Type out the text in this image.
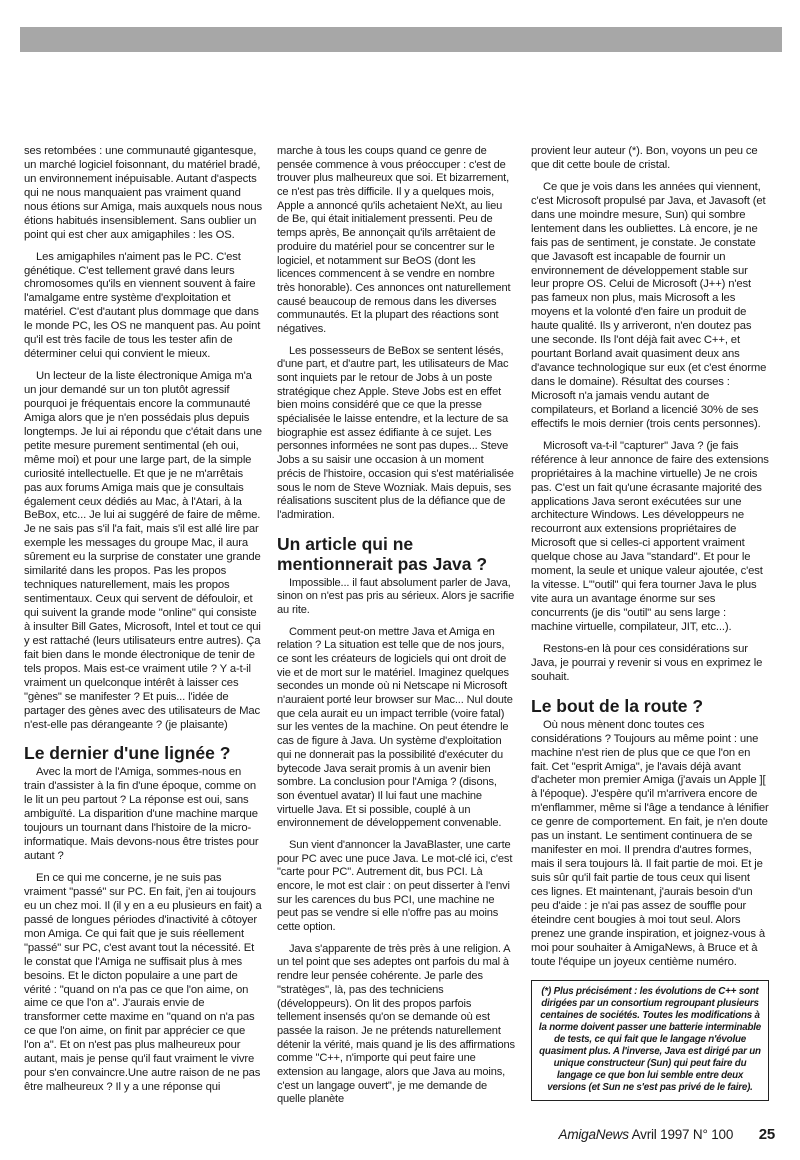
ses retombées : une communauté gigantesque, un marché logiciel foisonnant, du matériel bradé, un environnement inépuisable. Autant d'aspects qui ne nous manquaient pas vraiment quand nous étions sur Amiga, mais auxquels nous nous étions habitués insensiblement. Sans oublier un point qui est cher aux amigaphiles : les OS.

Les amigaphiles n'aiment pas le PC. C'est génétique. C'est tellement gravé dans leurs chromosomes qu'ils en viennent souvent à faire l'amalgame entre système d'exploitation et matériel. C'est d'autant plus dommage que dans le monde PC, les OS ne manquent pas. Au point qu'il est très facile de tous les tester afin de déterminer celui qui convient le mieux.

Un lecteur de la liste électronique Amiga m'a un jour demandé sur un ton plutôt agressif pourquoi je fréquentais encore la communauté Amiga alors que je n'en possédais plus depuis longtemps. Je lui ai répondu que c'était dans une petite mesure purement sentimental (eh oui, même moi) et pour une large part, de la simple curiosité intellectuelle. Et que je ne m'arrêtais pas aux forums Amiga mais que je consultais également ceux dédiés au Mac, à l'Atari, à la BeBox, etc... Je lui ai suggéré de faire de même. Je ne sais pas s'il l'a fait, mais s'il est allé lire par exemple les messages du groupe Mac, il aura sûrement eu la surprise de constater une grande similarité dans les propos. Pas les propos techniques naturellement, mais les propos sentimentaux. Ceux qui servent de défouloir, et qui suivent la grande mode "online" qui consiste à insulter Bill Gates, Microsoft, Intel et tout ce qui y est rattaché (leurs utilisateurs entre autres). Ça fait bien dans le monde électronique de tenir de tels propos. Mais est-ce vraiment utile ? Y a-t-il vraiment un quelconque intérêt à laisser ces "gènes" se manifester ? Et puis... l'idée de partager des gènes avec des utilisateurs de Mac n'est-elle pas dérangeante ? (je plaisante)

Le dernier d'une lignée ?

Avec la mort de l'Amiga, sommes-nous en train d'assister à la fin d'une époque, comme on le lit un peu partout ? La réponse est oui, sans ambiguïté. La disparition d'une machine marque toujours un tournant dans l'histoire de la micro-informatique. Mais devons-nous être tristes pour autant ?

En ce qui me concerne, je ne suis pas vraiment "passé" sur PC. En fait, j'en ai toujours eu un chez moi. Il (il y en a eu plusieurs en fait) a passé de longues périodes d'inactivité à côtoyer mon Amiga. Ce qui fait que je suis réellement "passé" sur PC, c'est avant tout la nécessité. Et le constat que l'Amiga ne suffisait plus à mes besoins. Et le dicton populaire a une part de vérité : "quand on n'a pas ce que l'on aime, on aime ce que l'on a". J'aurais envie de transformer cette maxime en "quand on n'a pas ce que l'on aime, on finit par apprécier ce que l'on a". Et on n'est pas plus malheureux pour autant, mais je pense qu'il faut vraiment le vivre pour s'en convaincre.Une autre raison de ne pas être malheureux ? Il y a une réponse qui

marche à tous les coups quand ce genre de pensée commence à vous préoccuper : c'est de trouver plus malheureux que soi. Et bizarrement, ce n'est pas très difficile. Il y a quelques mois, Apple a annoncé qu'ils achetaient NeXt, au lieu de Be, qui était initialement pressenti. Peu de temps après, Be annonçait qu'ils arrêtaient de produire du matériel pour se concentrer sur le logiciel, et notamment sur BeOS (dont les licences commencent à se vendre en nombre très honorable). Ces annonces ont naturellement causé beaucoup de remous dans les diverses communautés. Et la plupart des réactions sont négatives.

Les possesseurs de BeBox se sentent lésés, d'une part, et d'autre part, les utilisateurs de Mac sont inquiets par le retour de Jobs à un poste stratégique chez Apple. Steve Jobs est en effet bien moins considéré que ce que la presse spécialisée le laisse entendre, et la lecture de sa biographie est assez édifiante à ce sujet. Les personnes informées ne sont pas dupes... Steve Jobs a su saisir une occasion à un moment précis de l'histoire, occasion qui s'est matérialisée sous le nom de Steve Wozniak. Mais depuis, ses réalisations suscitent plus de la défiance que de l'admiration.

Un article qui ne mentionnerait pas Java ?

Impossible... il faut absolument parler de Java, sinon on n'est pas pris au sérieux. Alors je sacrifie au rite.

Comment peut-on mettre Java et Amiga en relation ? La situation est telle que de nos jours, ce sont les créateurs de logiciels qui ont droit de vie et de mort sur le matériel. Imaginez quelques secondes un monde où ni Netscape ni Microsoft n'auraient porté leur browser sur Mac... Nul doute que cela aurait eu un impact terrible (voire fatal) sur les ventes de la machine. On peut étendre le cas de figure à Java. Un système d'exploitation qui ne donnerait pas la possibilité d'exécuter du bytecode Java serait promis à un avenir bien sombre. La conclusion pour l'Amiga ? (disons, son éventuel avatar) Il lui faut une machine virtuelle Java. Et si possible, couplé à un environnement de développement convenable.

Sun vient d'annoncer la JavaBlaster, une carte pour PC avec une puce Java. Le mot-clé ici, c'est "carte pour PC". Autrement dit, bus PCI. Là encore, le mot est clair : on peut disserter à l'envi sur les carences du bus PCI, une machine ne peut pas se vendre si elle n'offre pas au moins cette option.

Java s'apparente de très près à une religion. A un tel point que ses adeptes ont parfois du mal à rendre leur pensée cohérente. Je parle des "stratèges", là, pas des techniciens (développeurs). On lit des propos parfois tellement insensés qu'on se demande où est passée la raison. Je ne prétends naturellement détenir la vérité, mais quand je lis des affirmations comme "C++, n'importe qui peut faire une extension au langage, alors que Java au moins, c'est un langage ouvert", je me demande de quelle planète

provient leur auteur (*). Bon, voyons un peu ce que dit cette boule de cristal.

Ce que je vois dans les années qui viennent, c'est Microsoft propulsé par Java, et Javasoft (et dans une moindre mesure, Sun) qui sombre lentement dans les oubliettes. Là encore, je ne fais pas de sentiment, je constate. Je constate que Javasoft est incapable de fournir un environnement de développement stable sur leur propre OS. Celui de Microsoft (J++) n'est pas fameux non plus, mais Microsoft a les moyens et la volonté d'en faire un produit de haute qualité. Ils y arriveront, n'en doutez pas une seconde. Ils l'ont déjà fait avec C++, et pourtant Borland avait quasiment deux ans d'avance technologique sur eux (et c'est énorme dans le domaine). Résultat des courses : Microsoft n'a jamais vendu autant de compilateurs, et Borland a licencié 30% de ses effectifs le mois dernier (trois cents personnes).

Microsoft va-t-il "capturer" Java ? (je fais référence à leur annonce de faire des extensions propriétaires à la machine virtuelle) Je ne crois pas. C'est un fait qu'une écrasante majorité des applications Java seront exécutées sur une architecture Windows. Les développeurs ne recourront aux extensions propriétaires de Microsoft que si celles-ci apportent vraiment quelque chose au Java "standard". Et pour le moment, la seule et unique valeur ajoutée, c'est la vitesse. L'"outil" qui fera tourner Java le plus vite aura un avantage énorme sur ses concurrents (je dis "outil" au sens large : machine virtuelle, compilateur, JIT, etc...).

Restons-en là pour ces considérations sur Java, je pourrai y revenir si vous en exprimez le souhait.

Le bout de la route ?

Où nous mènent donc toutes ces considérations ? Toujours au même point : une machine n'est rien de plus que ce que l'on en fait. Cet "esprit Amiga", je l'avais déjà avant d'acheter mon premier Amiga (j'avais un Apple ][ à l'époque). J'espère qu'il m'arrivera encore de m'enflammer, même si l'âge a tendance à lénifier ce genre de comportement. En fait, je n'en doute pas un instant. Le sentiment continuera de se manifester en moi. Il prendra d'autres formes, mais il sera toujours là. Il fait partie de moi. Et je suis sûr qu'il fait partie de tous ceux qui lisent ces lignes. Et maintenant, j'aurais besoin d'un peu d'aide : je n'ai pas assez de souffle pour éteindre cent bougies à moi tout seul. Alors prenez une grande inspiration, et joignez-vous à moi pour souhaiter à AmigaNews, à Bruce et à toute l'équipe un joyeux centième numéro.

(*) Plus précisément : les évolutions de C++ sont dirigées par un consortium regroupant plusieurs centaines de sociétés. Toutes les modifications à la norme doivent passer une batterie interminable de tests, ce qui fait que le langage n'évolue quasiment plus. A l'inverse, Java est dirigé par un unique constructeur (Sun) qui peut faire du langage ce que bon lui semble entre deux versions (et Sun ne s'est pas privé de le faire).
AmigaNews Avril 1997 N° 100 25
